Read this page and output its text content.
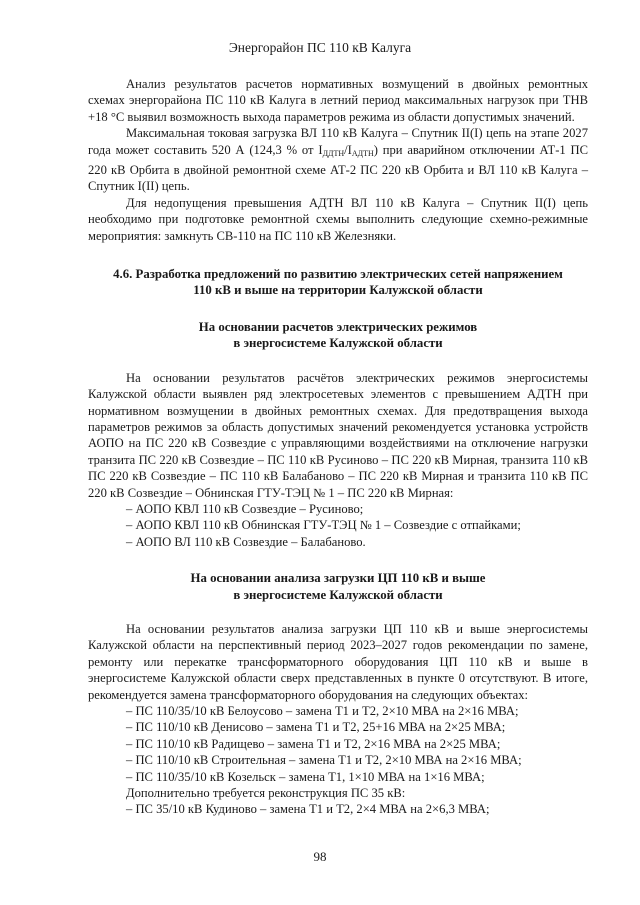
Энергорайон ПС 110 кВ Калуга

Анализ результатов расчетов нормативных возмущений в двойных ремонтных схемах энергорайона ПС 110 кВ Калуга в летний период максимальных нагрузок при ТНВ +18 °С выявил возможность выхода параметров режима из области допустимых значений.

Максимальная токовая загрузка ВЛ 110 кВ Калуга – Спутник II(I) цепь на этапе 2027 года может составить 520 А (124,3 % от $I_{ДДТН}/I_{АДТН}$) при аварийном отключении АТ-1 ПС 220 кВ Орбита в двойной ремонтной схеме АТ-2 ПС 220 кВ Орбита и ВЛ 110 кВ Калуга – Спутник I(II) цепь.

Для недопущения превышения АДТН ВЛ 110 кВ Калуга – Спутник II(I) цепь необходимо при подготовке ремонтной схемы выполнить следующие схемно-режимные мероприятия: замкнуть СВ-110 на ПС 110 кВ Железняки.

4.6. Разработка предложений по развитию электрических сетей напряжением
110 кВ и выше на территории Калужской области
На основании расчетов электрических режимов
в энергосистеме Калужской области

На основании результатов расчётов электрических режимов энергосистемы Калужской области выявлен ряд электросетевых элементов с превышением АДТН при нормативном возмущении в двойных ремонтных схемах. Для предотвращения выхода параметров режимов за область допустимых значений рекомендуется установка устройств АОПО на ПС 220 кВ Созвездие с управляющими воздействиями на отключение нагрузки транзита ПС 220 кВ Созвездие – ПС 110 кВ Русиново – ПС 220 кВ Мирная, транзита 110 кВ ПС 220 кВ Созвездие – ПС 110 кВ Балабаново – ПС 220 кВ Мирная и транзита 110 кВ ПС 220 кВ Созвездие – Обнинская ГТУ-ТЭЦ № 1 – ПС 220 кВ Мирная:

– АОПО КВЛ 110 кВ Созвездие – Русиново;
– АОПО КВЛ 110 кВ Обнинская ГТУ-ТЭЦ № 1 – Созвездие с отпайками;
– АОПО ВЛ 110 кВ Созвездие – Балабаново.
На основании анализа загрузки ЦП 110 кВ и выше
в энергосистеме Калужской области

На основании результатов анализа загрузки ЦП 110 кВ и выше энергосистемы Калужской области на перспективный период 2023–2027 годов рекомендации по замене, ремонту или перекатке трансформаторного оборудования ЦП 110 кВ и выше в энергосистеме Калужской области сверх представленных в пункте 0 отсутствуют. В итоге, рекомендуется замена трансформаторного оборудования на следующих объектах:

– ПС 110/35/10 кВ Белоусово – замена Т1 и Т2, 2×10 МВА на 2×16 МВА;
– ПС 110/10 кВ Денисово – замена Т1 и Т2, 25+16 МВА на 2×25 МВА;
– ПС 110/10 кВ Радищево – замена Т1 и Т2, 2×16 МВА на 2×25 МВА;
– ПС 110/10 кВ Строительная – замена Т1 и Т2, 2×10 МВА на 2×16 МВА;
– ПС 110/35/10 кВ Козельск – замена Т1, 1×10 МВА на 1×16 МВА;

Дополнительно требуется реконструкция ПС 35 кВ:

– ПС 35/10 кВ Кудиново – замена Т1 и Т2, 2×4 МВА на 2×6,3 МВА;
98
